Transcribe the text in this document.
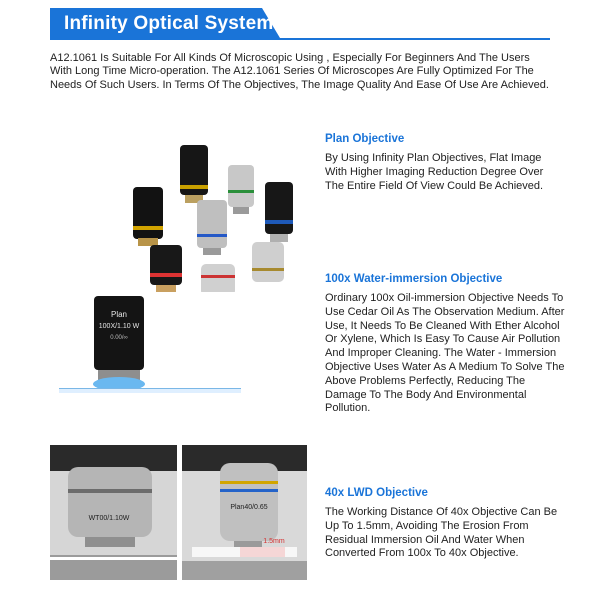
Infinity Optical System
A12.1061 Is Suitable For All Kinds Of Microscopic Using , Especially For Beginners And The Users With Long Time Micro-operation. The A12.1061 Series Of Microscopes Are Fully Optimized For The Needs Of Such Users. In Terms Of The Objectives, The Image Quality And Ease Of Use Are Achieved.
Plan
100X/1.10 W
0.00/∞
WT00/1.10W
Plan40/0.65
1.5mm
Plan Objective
By Using Infinity Plan Objectives, Flat Image With Higher Imaging Reduction Degree Over The Entire Field Of View Could Be Achieved.
100x Water-immersion Objective
Ordinary 100x Oil-immersion Objective Needs To Use Cedar Oil As The Observation Medium. After Use, It Needs To Be Cleaned With Ether Alcohol Or Xylene, Which Is Easy To Cause Air Pollution And Improper Cleaning. The Water - Immersion Objective Uses Water As A Medium To Solve The Above Problems Perfectly, Reducing The Damage To The Body And Environmental Pollution.
40x LWD Objective
The Working Distance Of 40x Objective Can Be Up To 1.5mm, Avoiding The Erosion From Residual Immersion Oil And Water When Converted From 100x To 40x Objective.
